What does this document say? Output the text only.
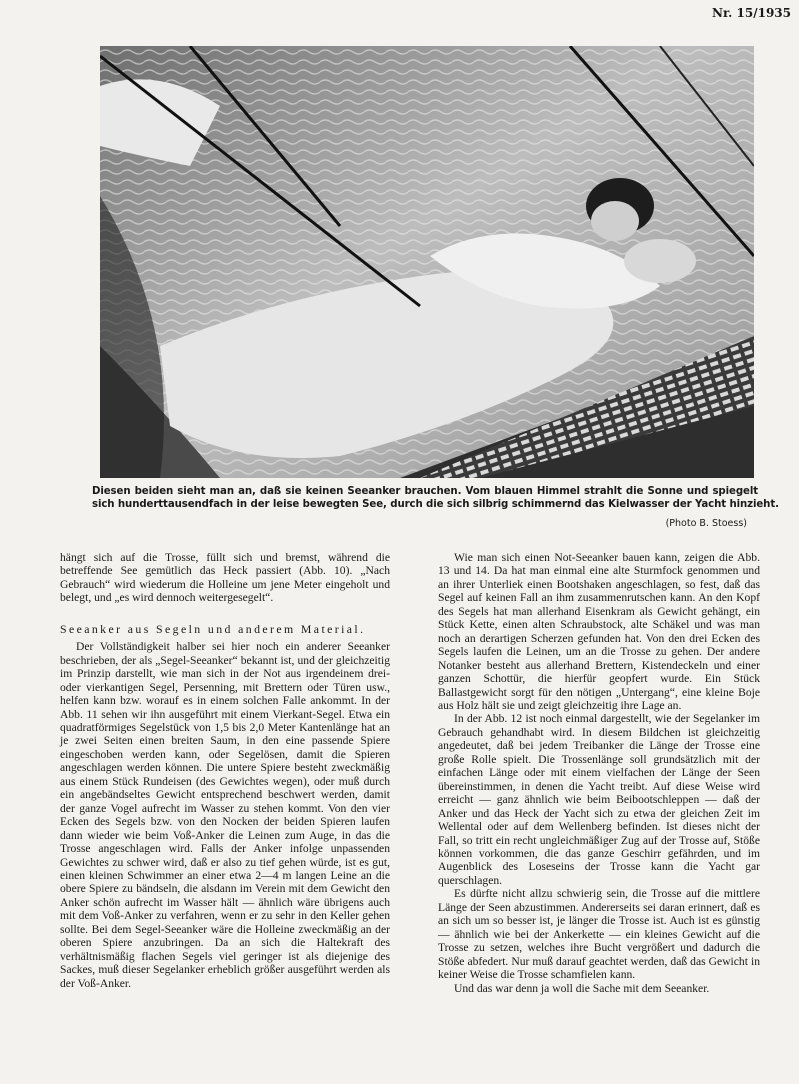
Nr. 15/1935
Diesen beiden sieht man an, daß sie keinen Seeanker brauchen. Vom blauen Himmel strahlt die Sonne und spiegelt
sich hunderttausendfach in der leise bewegten See, durch die sich silbrig schimmernd das Kielwasser der Yacht hinzieht.
(Photo B. Stoess)

hängt sich auf die Trosse, füllt sich und bremst, während die betreffende See gemütlich das Heck passiert (Abb. 10). „Nach Gebrauch“ wird wiederum die Holleine um jene Meter eingeholt und belegt, und „es wird dennoch weitergesegelt“.

Seeanker aus Segeln und anderem Material.

Der Vollständigkeit halber sei hier noch ein anderer Seeanker beschrieben, der als „Segel-Seeanker“ bekannt ist, und der gleichzeitig im Prinzip darstellt, wie man sich in der Not aus irgendeinem drei- oder vierkantigen Segel, Persenning, mit Brettern oder Türen usw., helfen kann bzw. worauf es in einem solchen Falle ankommt. In der Abb. 11 sehen wir ihn ausgeführt mit einem Vierkant-Segel. Etwa ein quadratförmiges Segelstück von 1,5 bis 2,0 Meter Kantenlänge hat an je zwei Seiten einen breiten Saum, in den eine passende Spiere eingeschoben werden kann, oder Segelösen, damit die Spieren angeschlagen werden können. Die untere Spiere besteht zweckmäßig aus einem Stück Rundeisen (des Gewichtes wegen), oder muß durch ein angebändseltes Gewicht entsprechend beschwert werden, damit der ganze Vogel aufrecht im Wasser zu stehen kommt. Von den vier Ecken des Segels bzw. von den Nocken der beiden Spieren laufen dann wieder wie beim Voß-Anker die Leinen zum Auge, in das die Trosse angeschlagen wird. Falls der Anker infolge unpassenden Gewichtes zu schwer wird, daß er also zu tief gehen würde, ist es gut, einen kleinen Schwimmer an einer etwa 2—4 m langen Leine an die obere Spiere zu bändseln, die alsdann im Verein mit dem Gewicht den Anker schön aufrecht im Wasser hält — ähnlich wäre übrigens auch mit dem Voß-Anker zu verfahren, wenn er zu sehr in den Keller gehen sollte. Bei dem Segel-Seeanker wäre die Holleine zweckmäßig an der oberen Spiere anzubringen. Da an sich die Haltekraft des verhältnismäßig flachen Segels viel geringer ist als diejenige des Sackes, muß dieser Segelanker erheblich größer ausgeführt werden als der Voß-Anker.

Wie man sich einen Not-Seeanker bauen kann, zeigen die Abb. 13 und 14. Da hat man einmal eine alte Sturmfock genommen und an ihrer Unterliek einen Bootshaken angeschlagen, so fest, daß das Segel auf keinen Fall an ihm zusammenrutschen kann. An den Kopf des Segels hat man allerhand Eisenkram als Gewicht gehängt, ein Stück Kette, einen alten Schraubstock, alte Schäkel und was man noch an derartigen Scherzen gefunden hat. Von den drei Ecken des Segels laufen die Leinen, um an die Trosse zu gehen. Der andere Notanker besteht aus allerhand Brettern, Kistendeckeln und einer ganzen Schottür, die hierfür geopfert wurde. Ein Stück Ballastgewicht sorgt für den nötigen „Untergang“, eine kleine Boje aus Holz hält sie und zeigt gleichzeitig ihre Lage an.

In der Abb. 12 ist noch einmal dargestellt, wie der Segelanker im Gebrauch gehandhabt wird. In diesem Bildchen ist gleichzeitig angedeutet, daß bei jedem Treibanker die Länge der Trosse eine große Rolle spielt. Die Trossenlänge soll grundsätzlich mit der einfachen Länge oder mit einem vielfachen der Länge der Seen übereinstimmen, in denen die Yacht treibt. Auf diese Weise wird erreicht — ganz ähnlich wie beim Beibootschleppen — daß der Anker und das Heck der Yacht sich zu etwa der gleichen Zeit im Wellental oder auf dem Wellenberg befinden. Ist dieses nicht der Fall, so tritt ein recht ungleichmäßiger Zug auf der Trosse auf, Stöße können vorkommen, die das ganze Geschirr gefährden, und im Augenblick des Loseseins der Trosse kann die Yacht gar querschlagen.

Es dürfte nicht allzu schwierig sein, die Trosse auf die mittlere Länge der Seen abzustimmen. Andererseits sei daran erinnert, daß es an sich um so besser ist, je länger die Trosse ist. Auch ist es günstig — ähnlich wie bei der Ankerkette — ein kleines Gewicht auf die Trosse zu setzen, welches ihre Bucht vergrößert und dadurch die Stöße abfedert. Nur muß darauf geachtet werden, daß das Gewicht in keiner Weise die Trosse schamfielen kann.

Und das war denn ja woll die Sache mit dem Seeanker.
